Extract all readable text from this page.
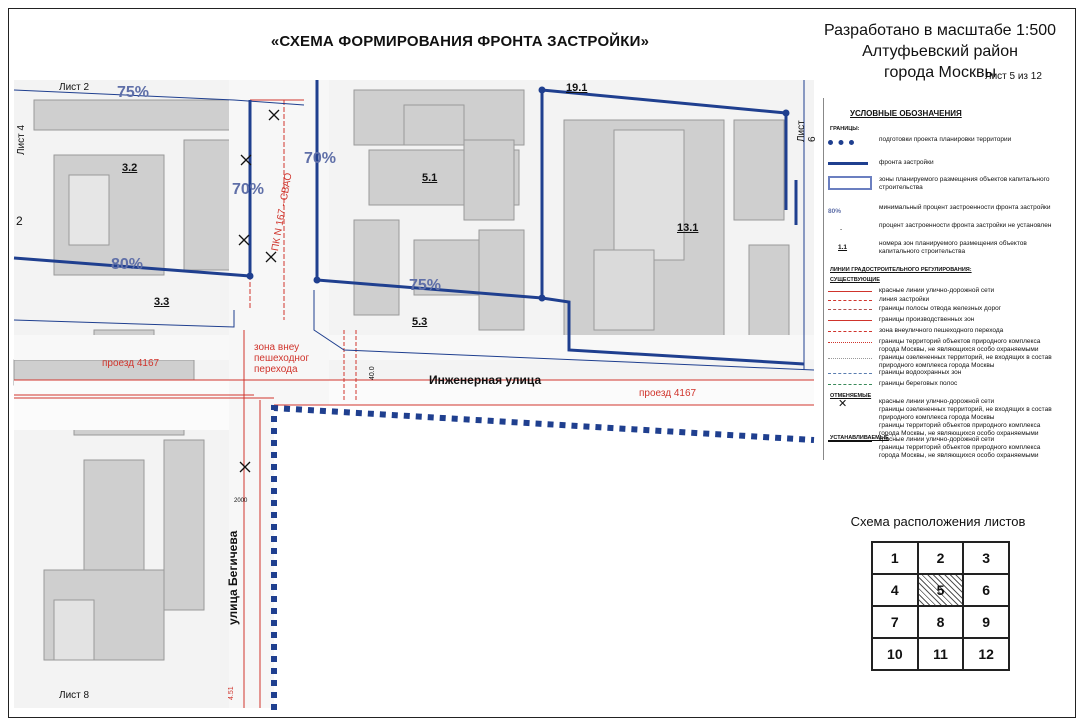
«СХЕМА ФОРМИРОВАНИЯ ФРОНТА ЗАСТРОЙКИ»
Разработано в масштабе 1:500
Алтуфьевский район
города Москвы
Лист 5 из 12
Лист 2
Лист 4	Лист 6
Лист 8
2
3.2
3.3
5.1
5.3
13.1
19.1
75%
70%
70%
80%
75%
Инженерная улица
проезд 4167
проезд 4167
улица Бегичева
зона внеу
пешеходног
перехода
ПК N 167 - СВАО
40.0
4.51
2000
УСЛОВНЫЕ ОБОЗНАЧЕНИЯ
ГРАНИЦЫ:
подготовки проекта планировки территории
фронта застройки
зоны планируемого размещения объектов капитального строительства
80%
минимальный процент застроенности фронта застройки
-
процент застроенности фронта застройки не установлен
1.1
номера зон планируемого размещения объектов капитального строительства
ЛИНИИ ГРАДОСТРОИТЕЛЬНОГО РЕГУЛИРОВАНИЯ:
СУЩЕСТВУЮЩИЕ
красные линии улично-дорожной сети
линия застройки
границы полосы отвода железных дорог
границы производственных зон
зона внеуличного пешеходного перехода
границы территорий объектов природного комплекса города Москвы, не являющихся особо охраняемыми
границы озелененных территорий, не входящих в состав природного комплекса города Москвы
границы водоохранных зон
границы береговых полос
ОТМЕНЯЕМЫЕ
✕	красные линии улично-дорожной сети
границы озелененных территорий, не входящих в состав природного комплекса города Москвы
границы территорий объектов природного комплекса города Москвы, не являющихся особо охраняемыми
УСТАНАВЛИВАЕМЫЕ
красные линии улично-дорожной сети
границы территорий объектов природного комплекса города Москвы, не являющихся особо охраняемыми
Схема расположения листов
1	2	3
4	5	6
7	8	9
10	11	12
